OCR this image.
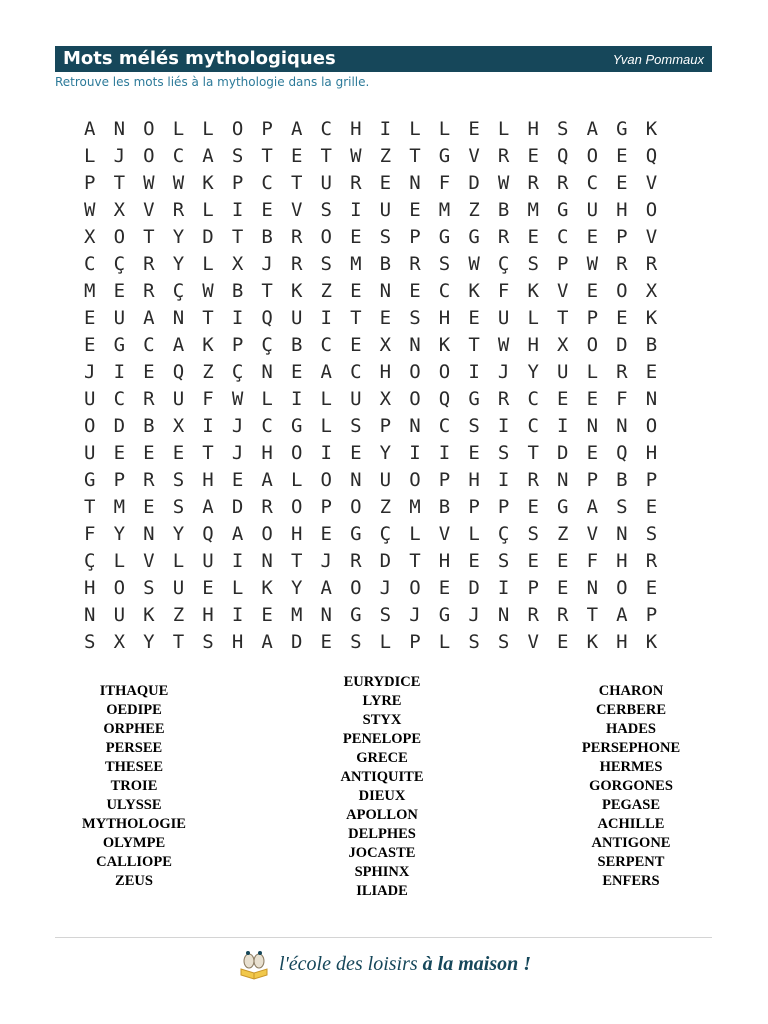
Mots mélés mythologiques	Yvan Pommaux
Retrouve les mots liés à la mythologie dans la grille.
A N O L L O P A C H I L L E L H S A G K
L J O C A S T E T W Z T G V R E Q O E Q
P T W W K P C T U R E N F D W R R C E V
W X V R L I E V S I U E M Z B M G U H O
X O T Y D T B R O E S P G G R E C E P V
C Ç R Y L X J R S M B R S W Ç S P W R R
M E R Ç W B T K Z E N E C K F K V E O X
E U A N T I Q U I T E S H E U L T P E K
E G C A K P Ç B C E X N K T W H X O D B
J I E Q Z Ç N E A C H O O I J Y U L R E
U C R U F W L I L U X O Q G R C E E F N
O D B X I J C G L S P N C S I C I N N O
U E E E T J H O I E Y I I E S T D E Q H
G P R S H E A L O N U O P H I R N P B P
T M E S A D R O P O Z M B P P E G A S E
F Y N Y Q A O H E G Ç L V L Ç S Z V N S
Ç L V L U I N T J R D T H E S E E F H R
H O S U E L K Y A O J O E D I P E N O E
N U K Z H I E M N G S J G J N R R T A P
S X Y T S H A D E S L P L S S V E K H K
ITHAQUE
OEDIPE
ORPHEE
PERSEE
THESEE
TROIE
ULYSSE
MYTHOLOGIE
OLYMPE
CALLIOPE
ZEUS
EURYDICE
LYRE
STYX
PENELOPE
GRECE
ANTIQUITE
DIEUX
APOLLON
DELPHES
JOCASTE
SPHINX
ILIADE
CHARON
CERBERE
HADES
PERSEPHONE
HERMES
GORGONES
PEGASE
ACHILLE
ANTIGONE
SERPENT
ENFERS
l'école des loisirs à la maison !
